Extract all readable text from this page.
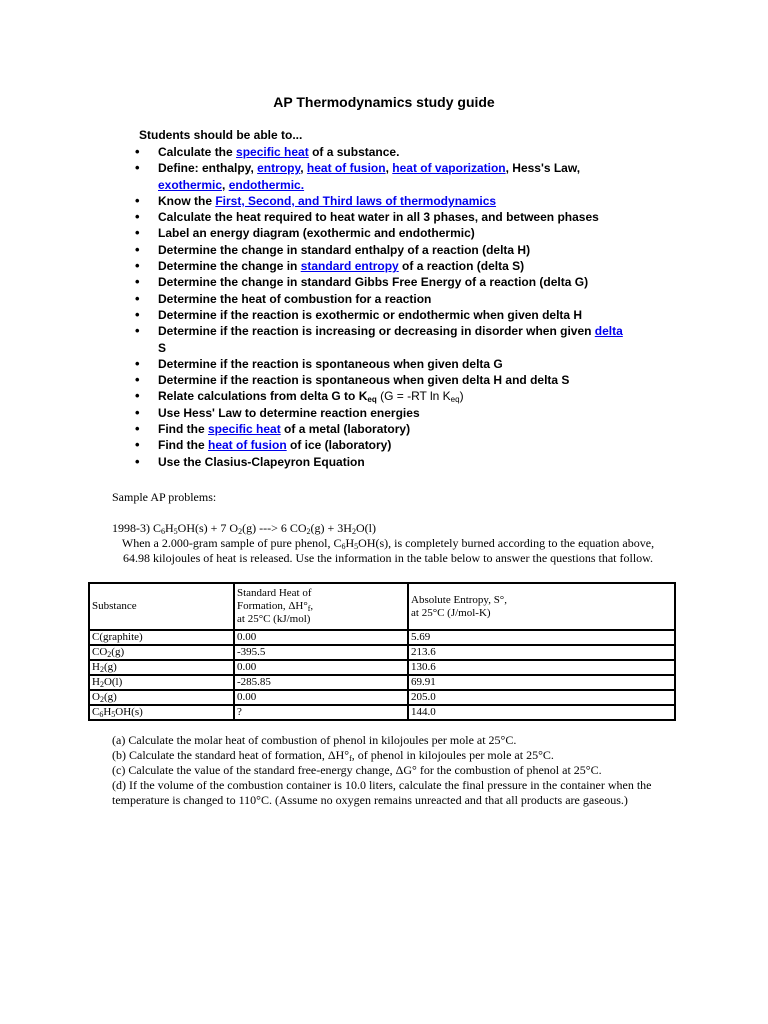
AP Thermodynamics study guide
Students should be able to...
• Calculate the specific heat of a substance.
• Define: enthalpy, entropy, heat of fusion, heat of vaporization, Hess's Law,
exothermic, endothermic.
• Know the First, Second, and Third laws of thermodynamics
• Calculate the heat required to heat water in all 3 phases, and between phases
• Label an energy diagram (exothermic and endothermic)
• Determine the change in standard enthalpy of a reaction (delta H)
• Determine the change in standard entropy of a reaction (delta S)
• Determine the change in standard Gibbs Free Energy of a reaction (delta G)
• Determine the heat of combustion for a reaction
• Determine if the reaction is exothermic or endothermic when given delta H
• Determine if the reaction is increasing or decreasing in disorder when given delta
S
• Determine if the reaction is spontaneous when given delta G
• Determine if the reaction is spontaneous when given delta H and delta S
• Relate calculations from delta G to $K_{eq}$ (G = -RT $\ln K_{eq}$)
• Use Hess' Law to determine reaction energies
• Find the specific heat of a metal (laboratory)
• Find the heat of fusion of ice (laboratory)
• Use the Clasius-Clapeyron Equation
Sample AP problems:
1998-3) $C_6H_5OH(s) + 7$ $O_2(g)$ ---> 6 $CO_2(g) + 3H_2O(l)$
When a 2.000-gram sample of pure phenol, $C_6H_5OH(s)$, is completely burned according to the equation above, 64.98 kilojoules of heat is released. Use the information in the table below to answer the questions that follow.
Substance	Standard Heat of
Formation, $\Delta H^\circ_f$,
at 25°C (kJ/mol)	Absolute Entropy, S°,
at 25°C (J/mol-K)
C(graphite)	0.00	5.69
$CO_2(g)$	-395.5	213.6
$H_2(g)$	0.00	130.6
$H_2O(l)$	-285.85	69.91
$O_2(g)$	0.00	205.0
$C_6H_5OH(s)$	?	144.0

(a) Calculate the molar heat of combustion of phenol in kilojoules per mole at 25°C.

(b) Calculate the standard heat of formation, $\Delta H^\circ_f$, of phenol in kilojoules per mole at 25°C.

(c) Calculate the value of the standard free-energy change, ΔG° for the combustion of phenol at 25°C.

(d) If the volume of the combustion container is 10.0 liters, calculate the final pressure in the container when the temperature is changed to 110°C. (Assume no oxygen remains unreacted and that all products are gaseous.)
